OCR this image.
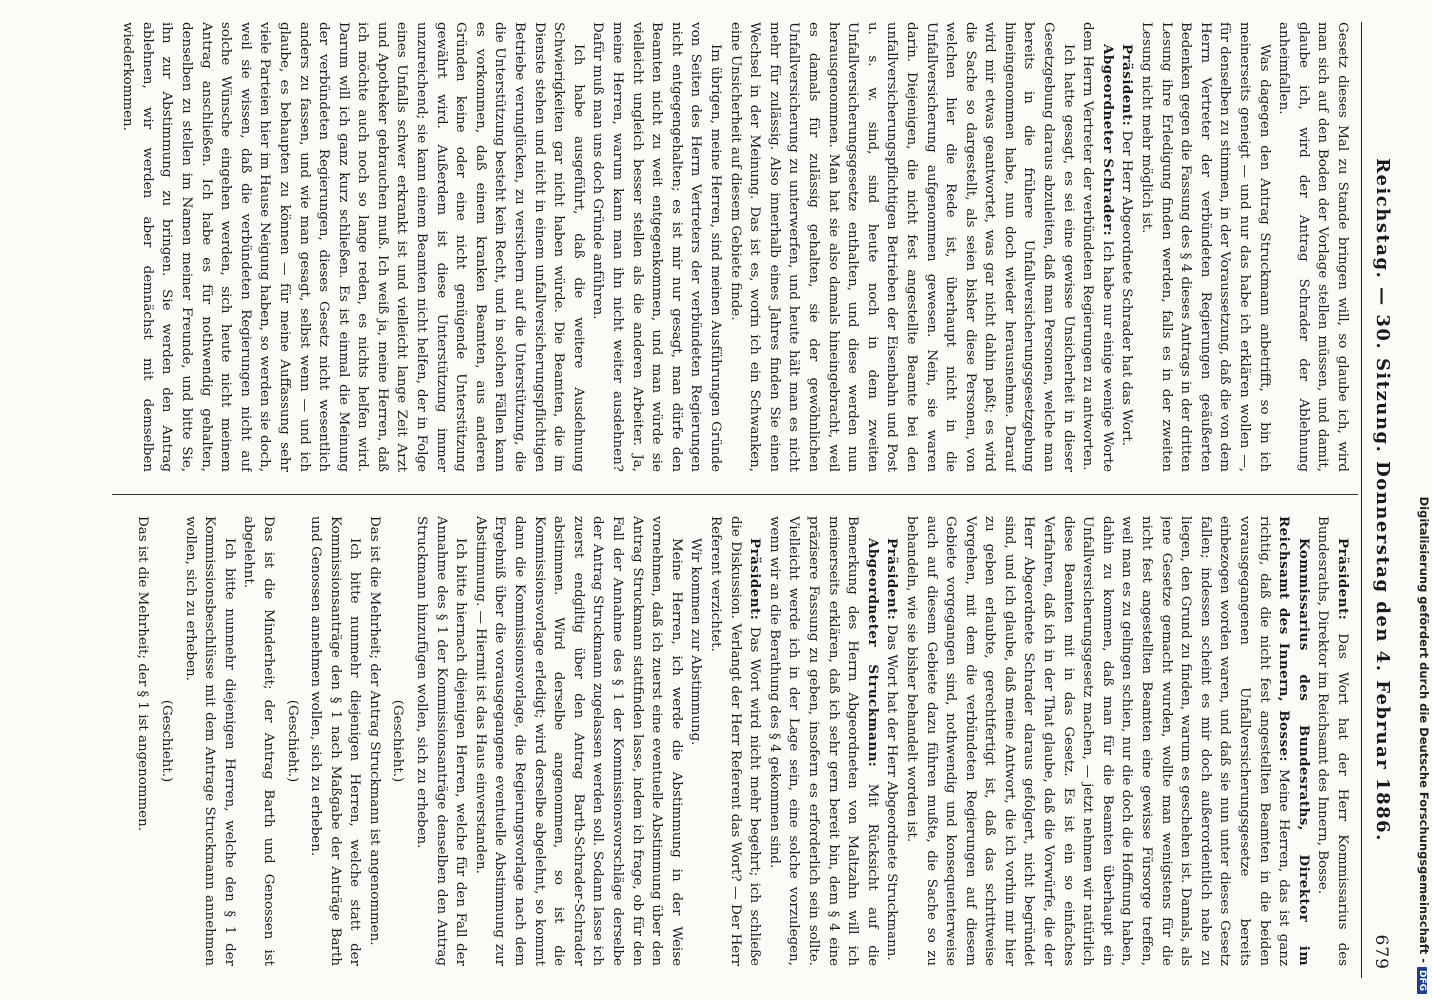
Reichstag. — 30. Sitzung. Donnerstag den 4. Februar 1886.
679

Gesetz dieses Mal zu Stande bringen will, so glaube ich, wird man sich auf den Boden der Vorlage stellen müssen, und damit, glaube ich, wird der Antrag Schrader der Ablehnung anheimfallen.

Was dagegen den Antrag Struckmann anbetrifft, so bin ich meinerseits geneigt — und nur das habe ich erklären wollen —, für denselben zu stimmen, in der Voraussetzung, daß die von dem Herrn Vertreter der verbündeten Regierungen geäußerten Bedenken gegen die Fassung des § 4 dieses Antrags in der dritten Lesung ihre Erledigung finden werden, falls es in der zweiten Lesung nicht mehr möglich ist.

Präsident: Der Herr Abgeordnete Schrader hat das Wort.

Abgeordneter Schrader: Ich habe nur einige wenige Worte dem Herrn Vertreter der verbündeten Regierungen zu antworten.

Ich hatte gesagt, es sei eine gewisse Unsicherheit in dieser Gesetzgebung daraus abzuleiten, daß man Personen, welche man bereits in die frühere Unfallversicherungsgesetzgebung hineingenommen habe, nun doch wieder herausnehme. Darauf wird mir etwas geantwortet, was gar nicht dahin paßt; es wird die Sache so dargestellt, als seien bisher diese Personen, von welchen hier die Rede ist, überhaupt nicht in die Unfallversicherung aufgenommen gewesen. Nein, sie waren darin. Diejenigen, die nicht fest angestellte Beamte bei den unfallversicherungspflichtigen Betrieben der Eisenbahn und Post u. s. w. sind, sind heute noch in dem zweiten Unfallversicherungsgesetze enthalten, und diese werden nun herausgenommen. Man hat sie also damals hineingebracht, weil es damals für zulässig gehalten, sie der gewöhnlichen Unfallversicherung zu unterwerfen, und heute hält man es nicht mehr für zulässig. Also innerhalb eines Jahres finden Sie einen Wechsel in der Meinung. Das ist es, worin ich ein Schwanken, eine Unsicherheit auf diesem Gebiete finde.

Im übrigen, meine Herren, sind meinen Ausführungen Gründe von Seiten des Herrn Vertreters der verbündeten Regierungen nicht entgegengehalten; es ist mir nur gesagt, man dürfe den Beamten nicht zu weit entgegenkommen, und man würde sie vielleicht ungleich besser stellen als die anderen Arbeiter. Ja, meine Herren, warum kann man ihn nicht weiter ausdehnen? Dafür muß man uns doch Gründe anführen.

Ich habe ausgeführt, daß die weitere Ausdehnung Schwierigkeiten gar nicht haben würde. Die Beamten, die im Dienste stehen und nicht in einem unfallversicherungspflichtigen Betriebe verunglücken, zu versichern auf die Unterstützung, die die Unterstützung besteht kein Recht, und in solchen Fällen kann es vorkommen, daß einem kranken Beamten, aus anderen Gründen keine oder eine nicht genügende Unterstützung gewährt wird. Außerdem ist diese Unterstützung immer unzureichend; sie kann einem Beamten nicht helfen, der in Folge eines Unfalls schwer erkrankt ist und vielleicht lange Zeit Arzt und Apotheker gebrauchen muß. Ich weiß ja, meine Herren, daß ich möchte auch noch so lange reden, es nichts helfen wird. Darum will ich ganz kurz schließen. Es ist einmal die Meinung der verbündeten Regierungen, dieses Gesetz nicht wesentlich anders zu fassen, und wie man gesagt, selbst wenn — und ich glaube, es behaupten zu können — für meine Auffassung sehr viele Parteien hier im Hause Neigung haben, so werden sie doch, weil sie wissen, daß die verbündeten Regierungen nicht auf solche Wünsche eingehen werden, sich heute nicht meinem Antrag anschließen. Ich habe es für nothwendig gehalten, denselben zu stellen im Namen meiner Freunde, und bitte Sie, ihn zur Abstimmung zu bringen. Sie werden den Antrag ablehnen, wir werden aber demnächst mit demselben wiederkommen.

Präsident: Das Wort hat der Herr Kommissarius des Bundesraths, Direktor im Reichsamt des Innern, Bosse.

Kommissarius des Bundesraths, Direktor im Reichsamt des Innern, Bosse: Meine Herren, das ist ganz richtig, daß die nicht fest angestellten Beamten in die beiden vorausgegangenen Unfallversicherungsgesetze bereits einbezogen worden waren, und daß sie nun unter dieses Gesetz fallen; indessen scheint es mir doch außerordentlich nahe zu liegen, den Grund zu finden, warum es geschehen ist. Damals, als jene Gesetze gemacht wurden, wollte man wenigstens für die nicht fest angestellten Beamten eine gewisse Fürsorge treffen, weil man es zu gelingen schien, nur die doch die Hoffnung haben, dahin zu kommen, daß man für die Beamten überhaupt ein Unfallversicherungsgesetz machen, — jetzt nehmen wir natürlich diese Beamten mit in das Gesetz. Es ist ein so einfaches Verfahren, daß ich in der That glaube, daß die Vorwürfe, die der Herr Abgeordnete Schrader daraus gefolgert, nicht begründet sind, und ich glaube, daß meine Antwort, die ich vorhin mir hier zu geben erlaubte, gerechtfertigt ist, daß das schrittweise Vorgehen, mit dem die verbündeten Regierungen auf diesem Gebiete vorgegangen sind, nothwendig und konsequenterweise auch auf diesem Gebiete dazu führen mußte, die Sache so zu behandeln, wie sie bisher behandelt worden ist.

Präsident: Das Wort hat der Herr Abgeordnete Struckmann.

Abgeordneter Struckmann: Mit Rücksicht auf die Bemerkung des Herrn Abgeordneten von Maltzahn will ich meinerseits erklären, daß ich sehr gern bereit bin, dem § 4 eine präzisere Fassung zu geben, insofern es erforderlich sein sollte. Vielleicht werde ich in der Lage sein, eine solche vorzulegen, wenn wir an die Berathung des § 4 gekommen sind.

Präsident: Das Wort wird nicht mehr begehrt; ich schließe die Diskussion. Verlangt der Herr Referent das Wort? — Der Herr Referent verzichtet.

Wir kommen zur Abstimmung.

Meine Herren, ich werde die Abstimmung in der Weise vornehmen, daß ich zuerst eine eventuelle Abstimmung über den Antrag Struckmann stattfinden lasse, indem ich frage, ob für den Fall der Annahme des § 1 der Kommissionsvorschläge derselbe der Antrag Struckmann zugelassen werden soll. Sodann lasse ich zuerst endgiltig über den Antrag Barth-Schrader-Schrader abstimmen. Wird derselbe angenommen, so ist die Kommissionsvorlage erledigt; wird derselbe abgelehnt, so kommt dann die Kommissionsvorlage, die Regierungsvorlage nach dem Ergebniß über die vorausgegangene eventuelle Abstimmung zur Abstimmung. — Hiermit ist das Haus einverstanden.

Ich bitte hiernach diejenigen Herren, welche für den Fall der Annahme des § 1 der Kommissionsanträge denselben den Antrag Struckmann hinzufügen wollen, sich zu erheben.

(Geschieht.)

Das ist die Mehrheit; der Antrag Struckmann ist angenommen.

Ich bitte nunmehr diejenigen Herren, welche statt der Kommissionsanträge den § 1 nach Maßgabe der Anträge Barth und Genossen annehmen wollen, sich zu erheben.

(Geschieht.)

Das ist die Minderheit; der Antrag Barth und Genossen ist abgelehnt.

Ich bitte nunmehr diejenigen Herren, welche den § 1 der Kommissionsbeschlüsse mit dem Antrage Struckmann annehmen wollen, sich zu erheben.

(Geschieht.)

Das ist die Mehrheit; der § 1 ist angenommen.	Digitalisierung gefördert durch die Deutsche Forschungsgemeinschaft -DFG
